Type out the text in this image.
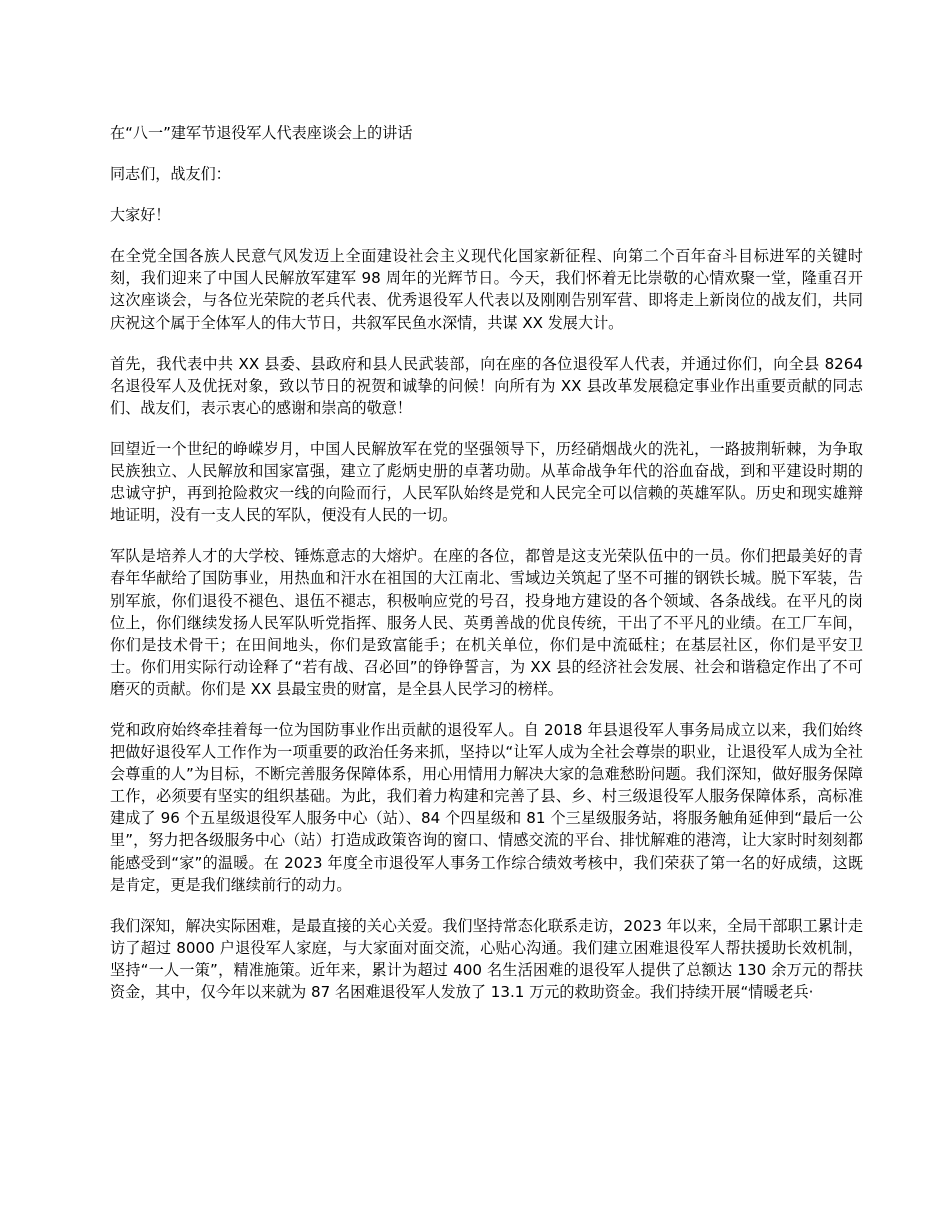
在“八一”建军节退役军人代表座谈会上的讲话

同志们，战友们：

大家好！

在全党全国各族人民意气风发迈上全面建设社会主义现代化国家新征程、向第二个百年奋斗目标进军的关键时刻，我们迎来了中国人民解放军建军 98 周年的光辉节日。今天，我们怀着无比崇敬的心情欢聚一堂，隆重召开这次座谈会，与各位光荣院的老兵代表、优秀退役军人代表以及刚刚告别军营、即将走上新岗位的战友们，共同庆祝这个属于全体军人的伟大节日，共叙军民鱼水深情，共谋 XX 发展大计。

首先，我代表中共 XX 县委、县政府和县人民武装部，向在座的各位退役军人代表，并通过你们，向全县 8264 名退役军人及优抚对象，致以节日的祝贺和诚挚的问候！向所有为 XX 县改革发展稳定事业作出重要贡献的同志们、战友们，表示衷心的感谢和崇高的敬意！

回望近一个世纪的峥嵘岁月，中国人民解放军在党的坚强领导下，历经硝烟战火的洗礼，一路披荆斩棘，为争取民族独立、人民解放和国家富强，建立了彪炳史册的卓著功勋。从革命战争年代的浴血奋战，到和平建设时期的忠诚守护，再到抢险救灾一线的向险而行，人民军队始终是党和人民完全可以信赖的英雄军队。历史和现实雄辩地证明，没有一支人民的军队，便没有人民的一切。

军队是培养人才的大学校、锤炼意志的大熔炉。在座的各位，都曾是这支光荣队伍中的一员。你们把最美好的青春年华献给了国防事业，用热血和汗水在祖国的大江南北、雪域边关筑起了坚不可摧的钢铁长城。脱下军装，告别军旅，你们退役不褪色、退伍不褪志，积极响应党的号召，投身地方建设的各个领域、各条战线。在平凡的岗位上，你们继续发扬人民军队听党指挥、服务人民、英勇善战的优良传统，干出了不平凡的业绩。在工厂车间，你们是技术骨干；在田间地头，你们是致富能手；在机关单位，你们是中流砥柱；在基层社区，你们是平安卫士。你们用实际行动诠释了“若有战、召必回”的铮铮誓言，为 XX 县的经济社会发展、社会和谐稳定作出了不可磨灭的贡献。你们是 XX 县最宝贵的财富，是全县人民学习的榜样。

党和政府始终牵挂着每一位为国防事业作出贡献的退役军人。自 2018 年县退役军人事务局成立以来，我们始终把做好退役军人工作作为一项重要的政治任务来抓，坚持以“让军人成为全社会尊崇的职业，让退役军人成为全社会尊重的人”为目标，不断完善服务保障体系，用心用情用力解决大家的急难愁盼问题。我们深知，做好服务保障工作，必须要有坚实的组织基础。为此，我们着力构建和完善了县、乡、村三级退役军人服务保障体系，高标准建成了 96 个五星级退役军人服务中心（站）、84 个四星级和 81 个三星级服务站，将服务触角延伸到“最后一公里”，努力把各级服务中心（站）打造成政策咨询的窗口、情感交流的平台、排忧解难的港湾，让大家时时刻刻都能感受到“家”的温暖。在 2023 年度全市退役军人事务工作综合绩效考核中，我们荣获了第一名的好成绩，这既是肯定，更是我们继续前行的动力。

我们深知，解决实际困难，是最直接的关心关爱。我们坚持常态化联系走访，2023 年以来，全局干部职工累计走访了超过 8000 户退役军人家庭，与大家面对面交流，心贴心沟通。我们建立困难退役军人帮扶援助长效机制，坚持“一人一策”，精准施策。近年来，累计为超过 400 名生活困难的退役军人提供了总额达 130 余万元的帮扶资金，其中，仅今年以来就为 87 名困难退役军人发放了 13.1 万元的救助资金。我们持续开展“情暖老兵·
